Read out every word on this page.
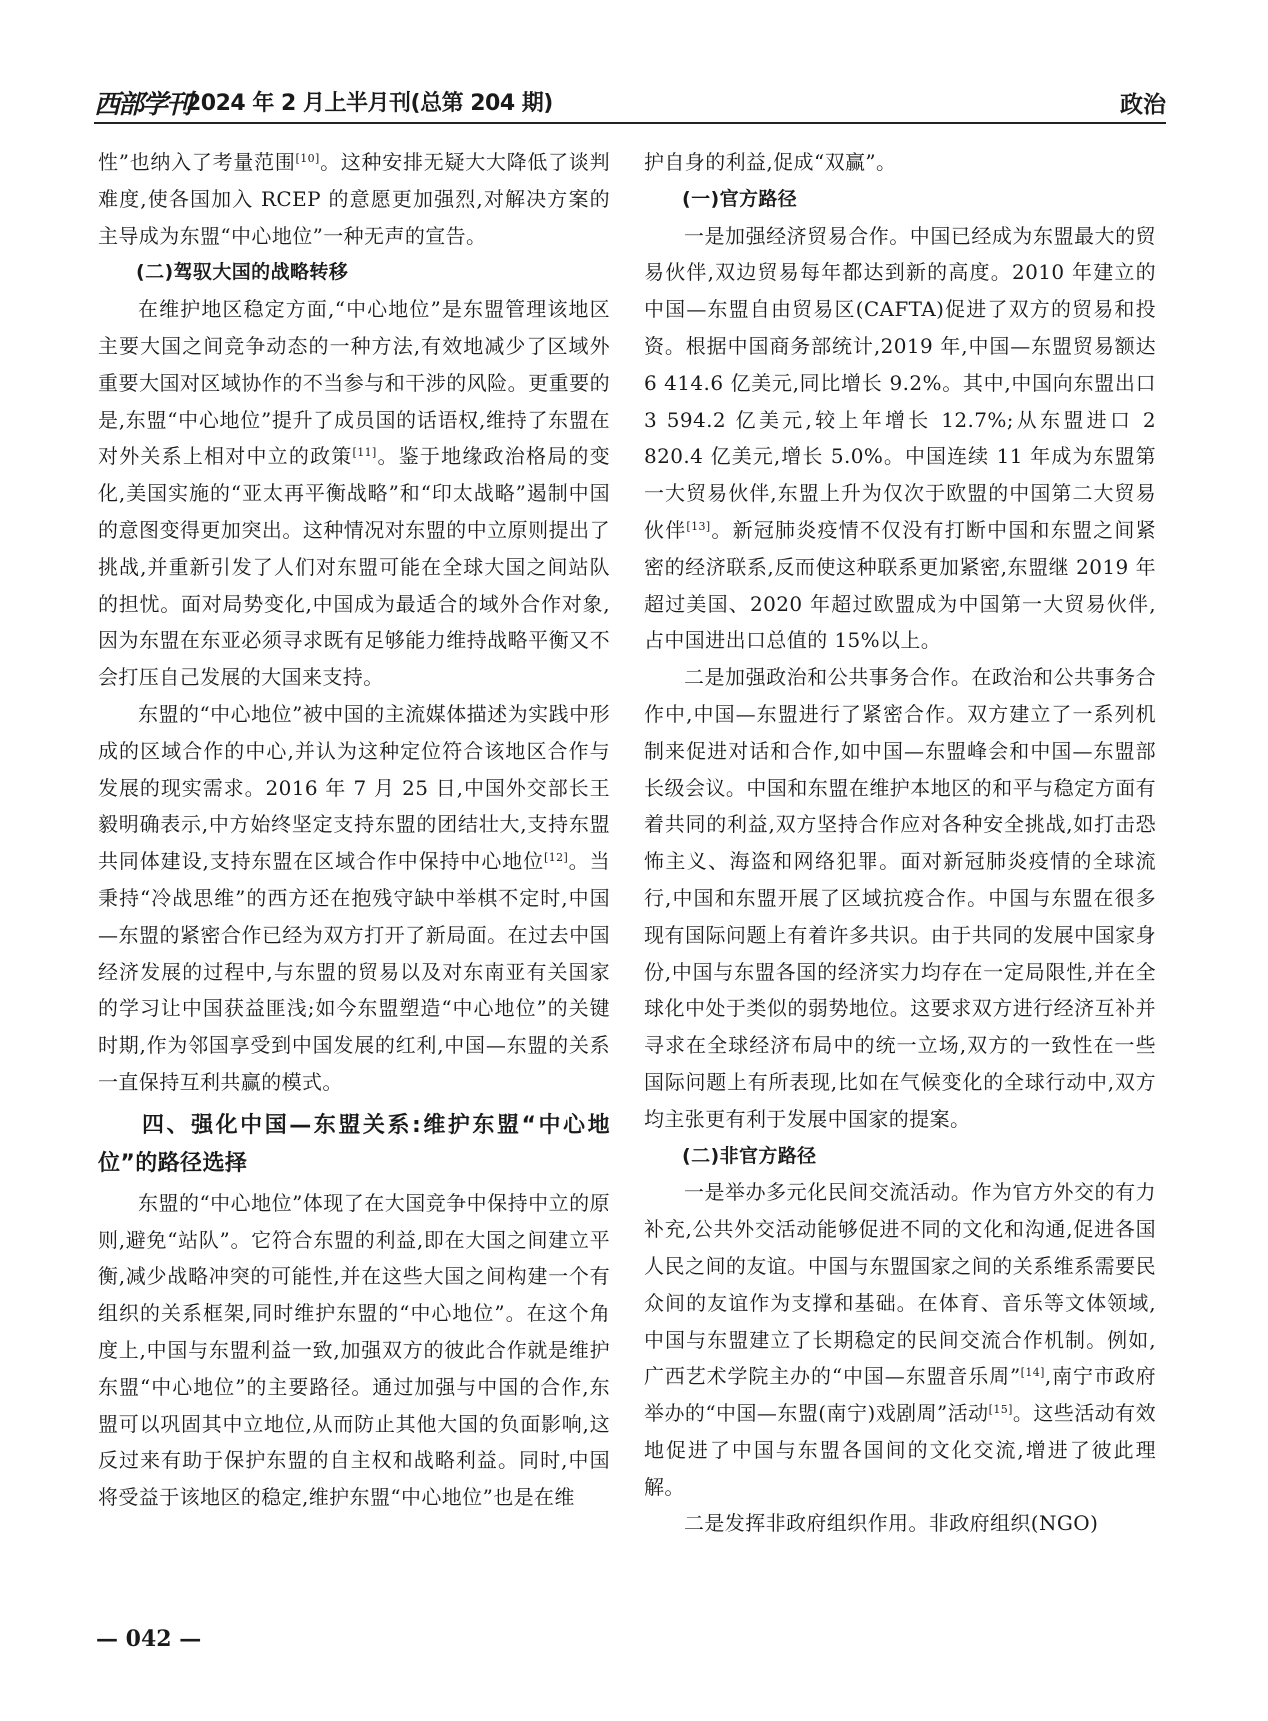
西部学刊
2024 年 2 月上半月刊(总第 204 期)	政治

性”也纳入了考量范围[10]。这种安排无疑大大降低了谈判难度,使各国加入 RCEP 的意愿更加强烈,对解决方案的主导成为东盟“中心地位”一种无声的宣告。

(二)驾驭大国的战略转移

在维护地区稳定方面,“中心地位”是东盟管理该地区主要大国之间竞争动态的一种方法,有效地减少了区域外重要大国对区域协作的不当参与和干涉的风险。更重要的是,东盟“中心地位”提升了成员国的话语权,维持了东盟在对外关系上相对中立的政策[11]。鉴于地缘政治格局的变化,美国实施的“亚太再平衡战略”和“印太战略”遏制中国的意图变得更加突出。这种情况对东盟的中立原则提出了挑战,并重新引发了人们对东盟可能在全球大国之间站队的担忧。面对局势变化,中国成为最适合的域外合作对象,因为东盟在东亚必须寻求既有足够能力维持战略平衡又不会打压自己发展的大国来支持。

东盟的“中心地位”被中国的主流媒体描述为实践中形成的区域合作的中心,并认为这种定位符合该地区合作与发展的现实需求。2016 年 7 月 25 日,中国外交部长王毅明确表示,中方始终坚定支持东盟的团结壮大,支持东盟共同体建设,支持东盟在区域合作中保持中心地位[12]。当秉持“冷战思维”的西方还在抱残守缺中举棋不定时,中国—东盟的紧密合作已经为双方打开了新局面。在过去中国经济发展的过程中,与东盟的贸易以及对东南亚有关国家的学习让中国获益匪浅;如今东盟塑造“中心地位”的关键时期,作为邻国享受到中国发展的红利,中国—东盟的关系一直保持互利共赢的模式。

四、强化中国—东盟关系:维护东盟“中心地位”的路径选择

东盟的“中心地位”体现了在大国竞争中保持中立的原则,避免“站队”。它符合东盟的利益,即在大国之间建立平衡,减少战略冲突的可能性,并在这些大国之间构建一个有组织的关系框架,同时维护东盟的“中心地位”。在这个角度上,中国与东盟利益一致,加强双方的彼此合作就是维护东盟“中心地位”的主要路径。通过加强与中国的合作,东盟可以巩固其中立地位,从而防止其他大国的负面影响,这反过来有助于保护东盟的自主权和战略利益。同时,中国将受益于该地区的稳定,维护东盟“中心地位”也是在维

护自身的利益,促成“双赢”。

(一)官方路径

一是加强经济贸易合作。中国已经成为东盟最大的贸易伙伴,双边贸易每年都达到新的高度。2010 年建立的中国—东盟自由贸易区(CAFTA)促进了双方的贸易和投资。根据中国商务部统计,2019 年,中国—东盟贸易额达 6 414.6 亿美元,同比增长 9.2%。其中,中国向东盟出口 3 594.2 亿美元,较上年增长 12.7%;从东盟进口 2 820.4 亿美元,增长 5.0%。中国连续 11 年成为东盟第一大贸易伙伴,东盟上升为仅次于欧盟的中国第二大贸易伙伴[13]。新冠肺炎疫情不仅没有打断中国和东盟之间紧密的经济联系,反而使这种联系更加紧密,东盟继 2019 年超过美国、2020 年超过欧盟成为中国第一大贸易伙伴,占中国进出口总值的 15%以上。

二是加强政治和公共事务合作。在政治和公共事务合作中,中国—东盟进行了紧密合作。双方建立了一系列机制来促进对话和合作,如中国—东盟峰会和中国—东盟部长级会议。中国和东盟在维护本地区的和平与稳定方面有着共同的利益,双方坚持合作应对各种安全挑战,如打击恐怖主义、海盗和网络犯罪。面对新冠肺炎疫情的全球流行,中国和东盟开展了区域抗疫合作。中国与东盟在很多现有国际问题上有着许多共识。由于共同的发展中国家身份,中国与东盟各国的经济实力均存在一定局限性,并在全球化中处于类似的弱势地位。这要求双方进行经济互补并寻求在全球经济布局中的统一立场,双方的一致性在一些国际问题上有所表现,比如在气候变化的全球行动中,双方均主张更有利于发展中国家的提案。

(二)非官方路径

一是举办多元化民间交流活动。作为官方外交的有力补充,公共外交活动能够促进不同的文化和沟通,促进各国人民之间的友谊。中国与东盟国家之间的关系维系需要民众间的友谊作为支撑和基础。在体育、音乐等文体领域,中国与东盟建立了长期稳定的民间交流合作机制。例如,广西艺术学院主办的“中国—东盟音乐周”[14],南宁市政府举办的“中国—东盟(南宁)戏剧周”活动[15]。这些活动有效地促进了中国与东盟各国间的文化交流,增进了彼此理解。

二是发挥非政府组织作用。非政府组织(NGO)

— 042 —
